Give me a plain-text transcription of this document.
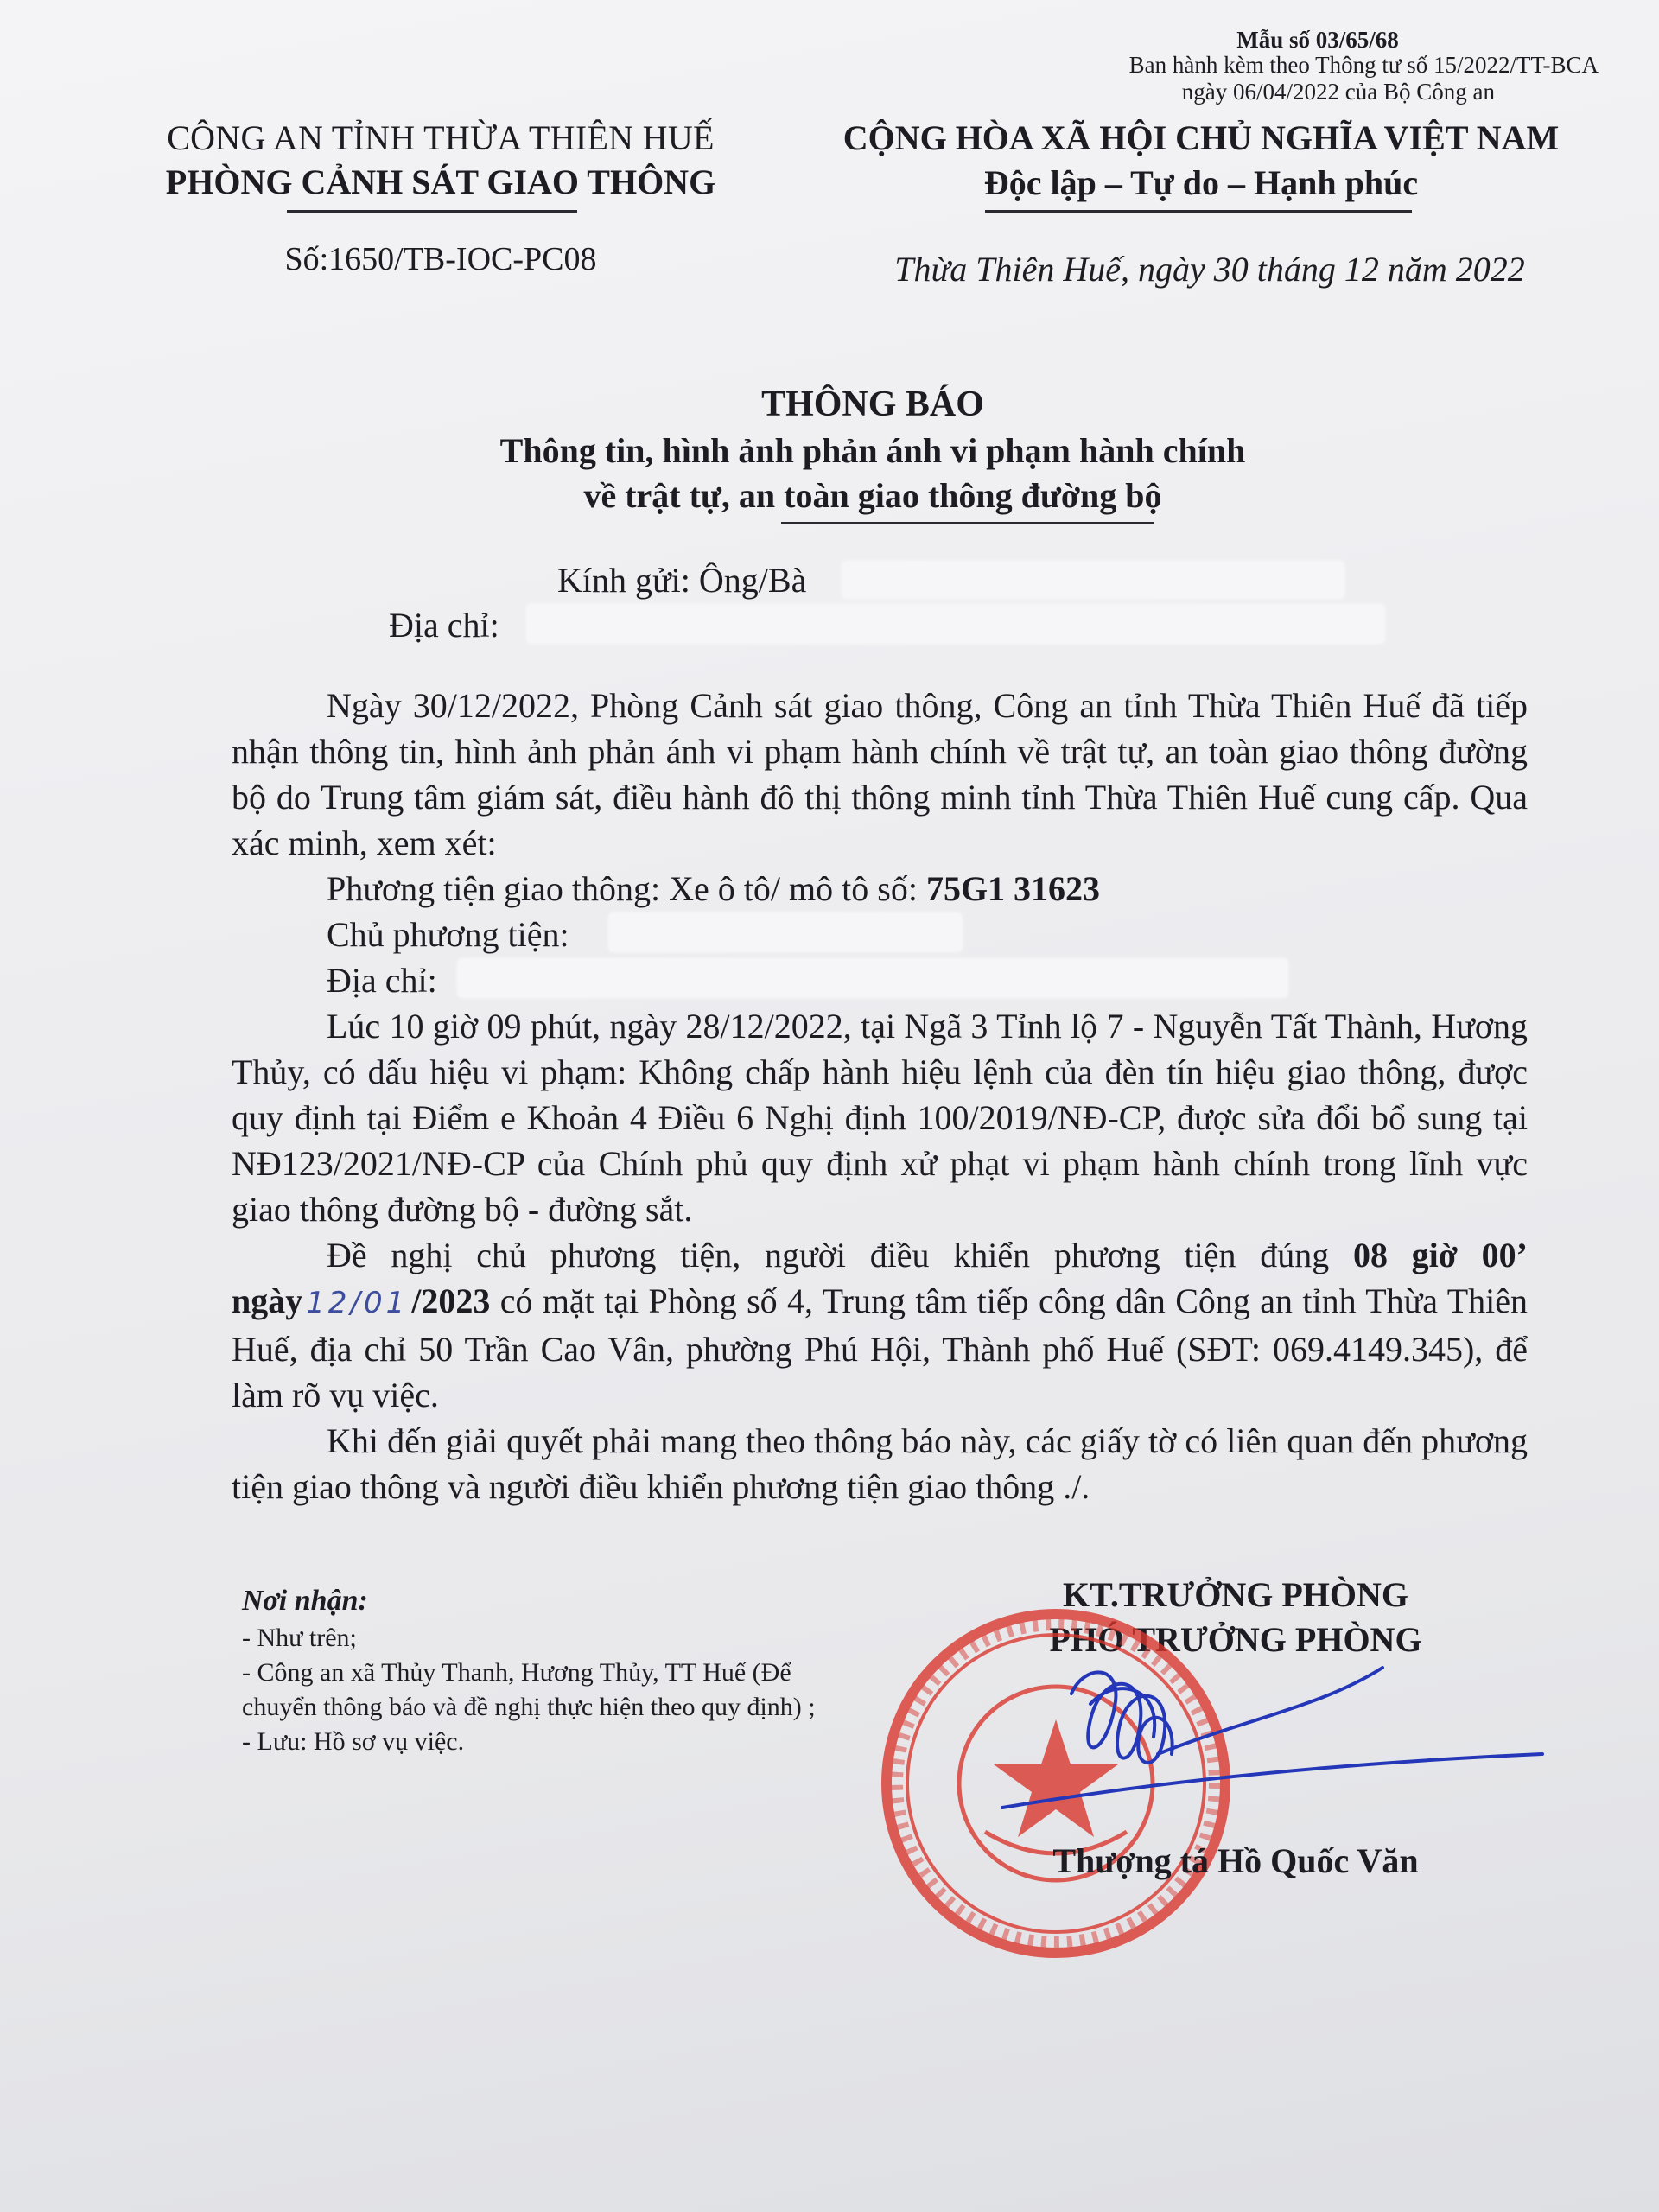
Mẫu số 03/65/68
Ban hành kèm theo Thông tư số 15/2022/TT-BCA
ngày 06/04/2022 của Bộ Công an
CÔNG AN TỈNH THỪA THIÊN HUẾ
PHÒNG CẢNH SÁT GIAO THÔNG
Số:1650/TB-IOC-PC08
CỘNG HÒA XÃ HỘI CHỦ NGHĨA VIỆT NAM
Độc lập – Tự do – Hạnh phúc
Thừa Thiên Huế, ngày 30 tháng 12 năm 2022
THÔNG BÁO
Thông tin, hình ảnh phản ánh vi phạm hành chính
về trật tự, an toàn giao thông đường bộ
Kính gửi: Ông/Bà
Địa chỉ:

Ngày 30/12/2022, Phòng Cảnh sát giao thông, Công an tỉnh Thừa Thiên Huế đã tiếp nhận thông tin, hình ảnh phản ánh vi phạm hành chính về trật tự, an toàn giao thông đường bộ do Trung tâm giám sát, điều hành đô thị thông minh tỉnh Thừa Thiên Huế cung cấp. Qua xác minh, xem xét:

Phương tiện giao thông: Xe ô tô/ mô tô số: 75G1 31623

Chủ phương tiện:

Địa chỉ:

Lúc 10 giờ 09 phút, ngày 28/12/2022, tại Ngã 3 Tỉnh lộ 7 - Nguyễn Tất Thành, Hương Thủy, có dấu hiệu vi phạm: Không chấp hành hiệu lệnh của đèn tín hiệu giao thông, được quy định tại Điểm e Khoản 4 Điều 6 Nghị định 100/2019/NĐ-CP, được sửa đổi bổ sung tại NĐ123/2021/NĐ-CP của Chính phủ quy định xử phạt vi phạm hành chính trong lĩnh vực giao thông đường bộ - đường sắt.

Đề nghị chủ phương tiện, người điều khiển phương tiện đúng 08 giờ 00’ ngày 12/01 /2023 có mặt tại Phòng số 4, Trung tâm tiếp công dân Công an tỉnh Thừa Thiên Huế, địa chỉ 50 Trần Cao Vân, phường Phú Hội, Thành phố Huế (SĐT: 069.4149.345), để làm rõ vụ việc.

Khi đến giải quyết phải mang theo thông báo này, các giấy tờ có liên quan đến phương tiện giao thông và người điều khiển phương tiện giao thông ./.

Nơi nhận:
- Như trên;
- Công an xã Thủy Thanh, Hương Thủy, TT Huế (Để chuyển thông báo và đề nghị thực hiện theo quy định) ;
- Lưu: Hồ sơ vụ việc.
KT.TRƯỞNG PHÒNG
PHÓ TRƯỞNG PHÒNG
Thượng tá Hồ Quốc Văn
